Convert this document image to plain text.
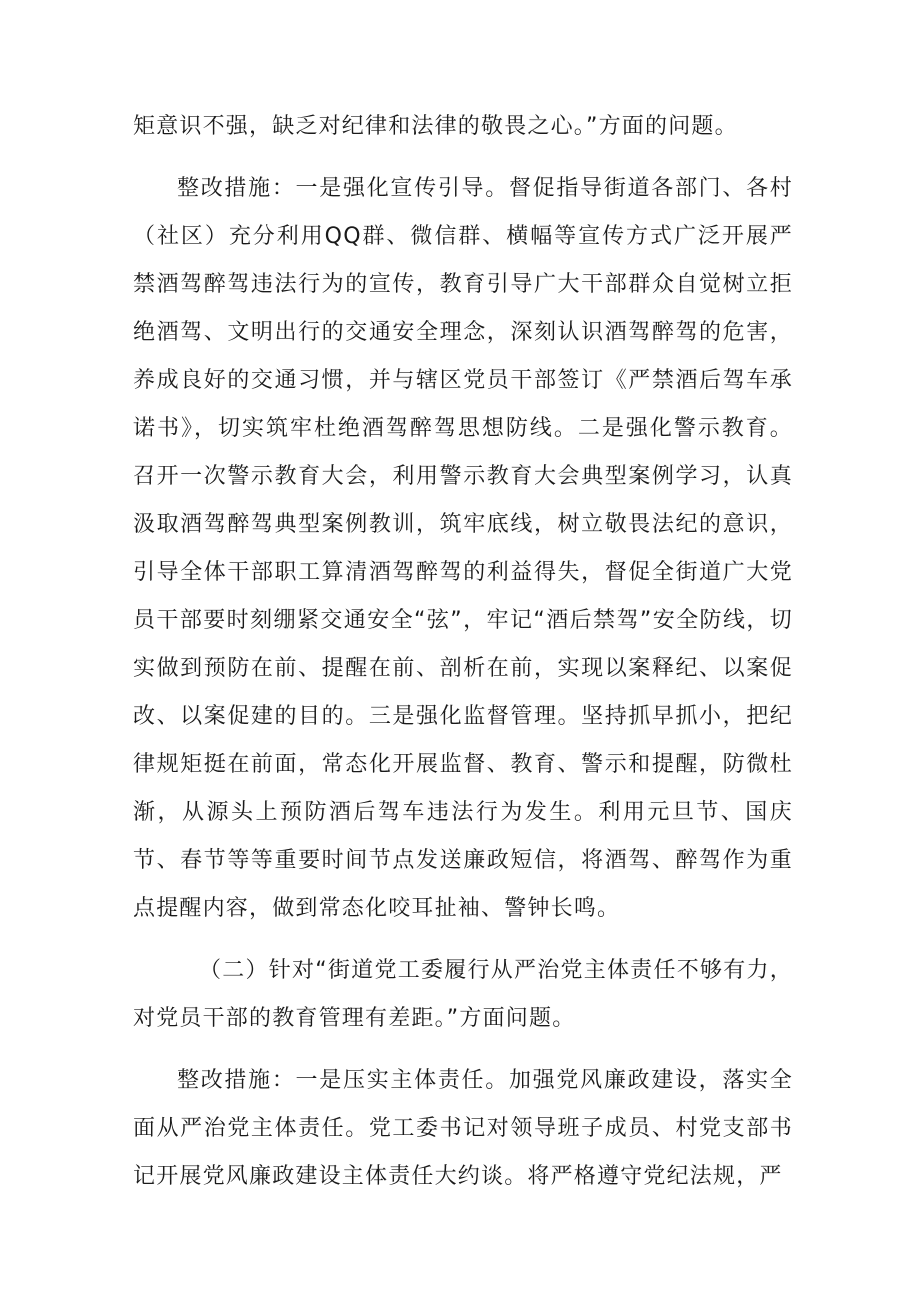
矩意识不强，缺乏对纪律和法律的敬畏之心。”方面的问题。

整改措施：一是强化宣传引导。督促指导街道各部门、各村（社区）充分利用QQ群、微信群、横幅等宣传方式广泛开展严禁酒驾醉驾违法行为的宣传，教育引导广大干部群众自觉树立拒绝酒驾、文明出行的交通安全理念，深刻认识酒驾醉驾的危害，养成良好的交通习惯，并与辖区党员干部签订《严禁酒后驾车承诺书》，切实筑牢杜绝酒驾醉驾思想防线。二是强化警示教育。召开一次警示教育大会，利用警示教育大会典型案例学习，认真汲取酒驾醉驾典型案例教训，筑牢底线，树立敬畏法纪的意识，引导全体干部职工算清酒驾醉驾的利益得失，督促全街道广大党员干部要时刻绷紧交通安全“弦”，牢记“酒后禁驾”安全防线，切实做到预防在前、提醒在前、剖析在前，实现以案释纪、以案促改、以案促建的目的。三是强化监督管理。坚持抓早抓小，把纪律规矩挺在前面，常态化开展监督、教育、警示和提醒，防微杜渐，从源头上预防酒后驾车违法行为发生。利用元旦节、国庆节、春节等等重要时间节点发送廉政短信，将酒驾、醉驾作为重点提醒内容，做到常态化咬耳扯袖、警钟长鸣。

（二）针对“街道党工委履行从严治党主体责任不够有力，对党员干部的教育管理有差距。”方面问题。

整改措施：一是压实主体责任。加强党风廉政建设，落实全面从严治党主体责任。党工委书记对领导班子成员、村党支部书记开展党风廉政建设主体责任大约谈。将严格遵守党纪法规，严
